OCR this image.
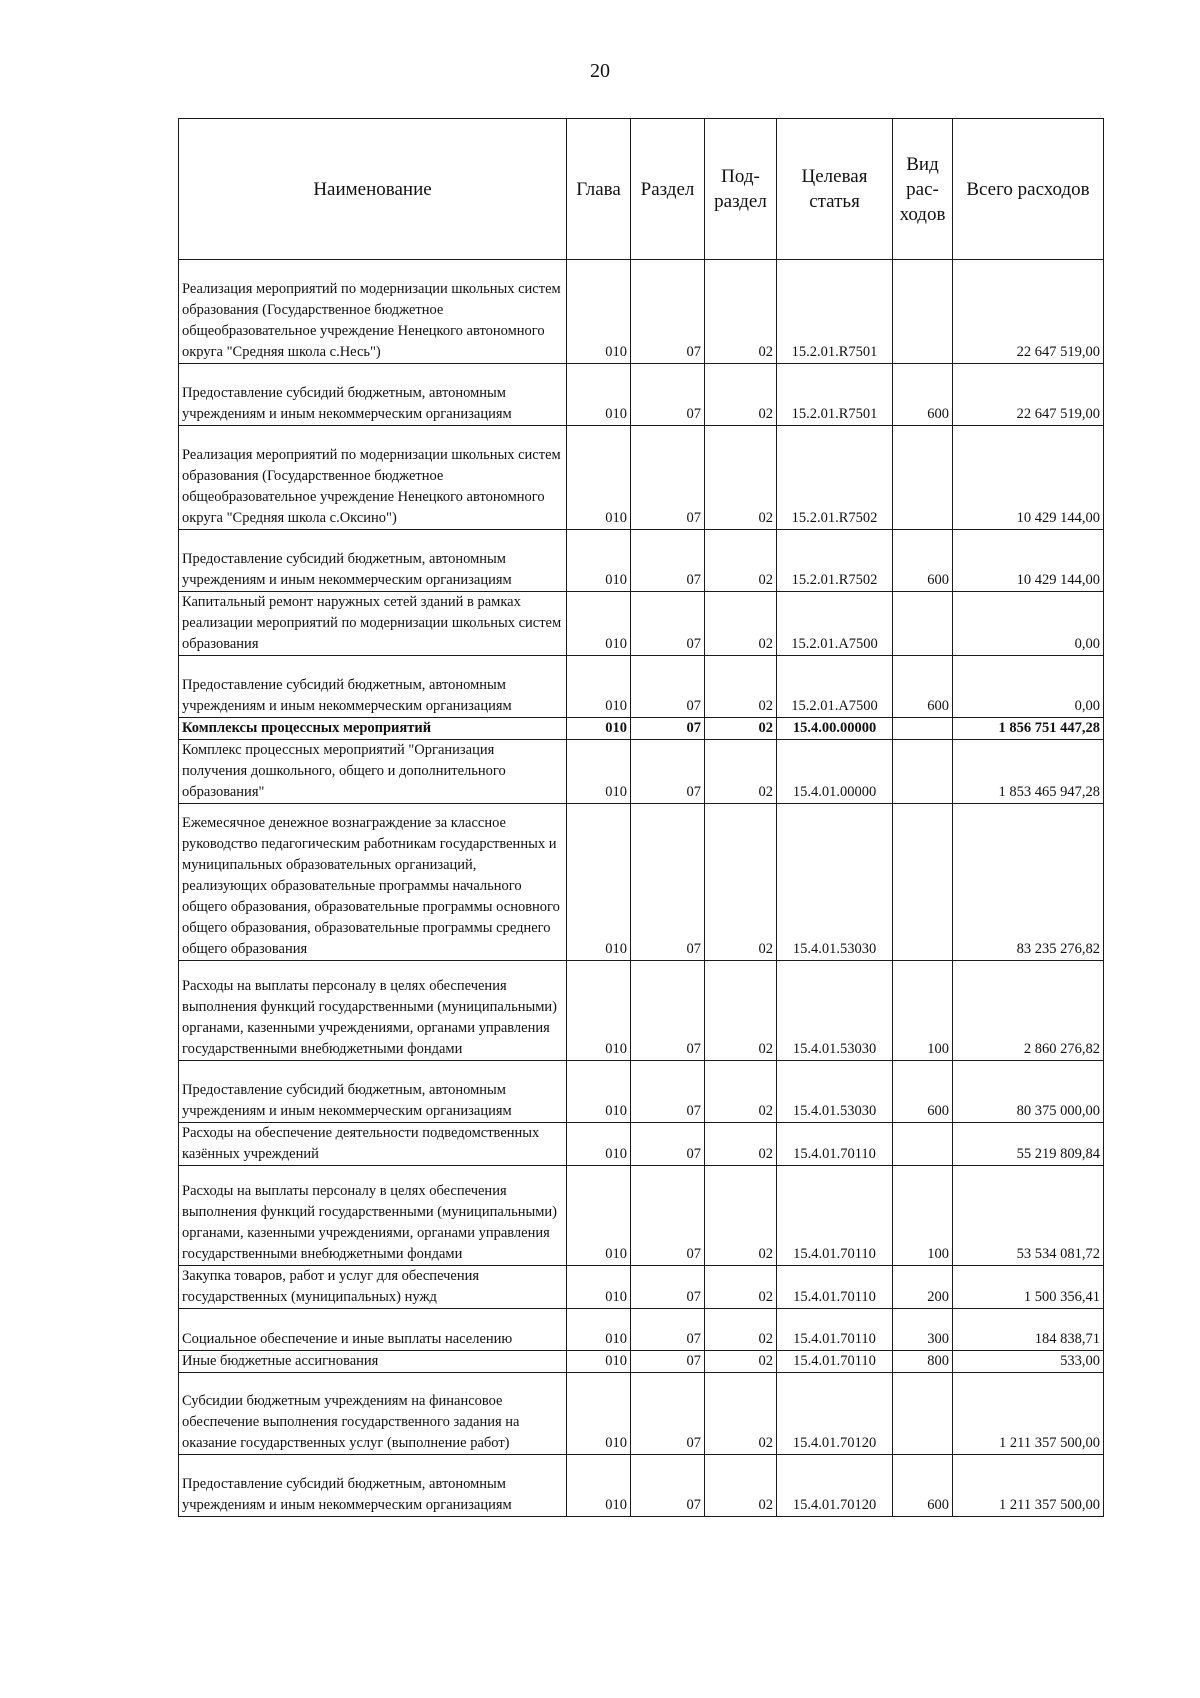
20
Наименование	Глава	Раздел	Под-раздел	Целевая статья	Вид рас-ходов	Всего расходов
Реализация мероприятий по модернизации школьных систем образования (Государственное бюджетное общеобразовательное учреждение Ненецкого автономного округа "Средняя школа с.Несь")	010	07	02	15.2.01.R7501		22 647 519,00
Предоставление субсидий бюджетным, автономным учреждениям и иным некоммерческим организациям	010	07	02	15.2.01.R7501	600	22 647 519,00
Реализация мероприятий по модернизации школьных систем образования (Государственное бюджетное общеобразовательное учреждение Ненецкого автономного округа "Средняя школа с.Оксино")	010	07	02	15.2.01.R7502		10 429 144,00
Предоставление субсидий бюджетным, автономным учреждениям и иным некоммерческим организациям	010	07	02	15.2.01.R7502	600	10 429 144,00
Капитальный ремонт наружных сетей зданий в рамках реализации мероприятий по модернизации школьных систем образования	010	07	02	15.2.01.A7500		0,00
Предоставление субсидий бюджетным, автономным учреждениям и иным некоммерческим организациям	010	07	02	15.2.01.A7500	600	0,00
Комплексы процессных мероприятий	010	07	02	15.4.00.00000		1 856 751 447,28
Комплекс процессных мероприятий "Организация получения дошкольного, общего и дополнительного образования"	010	07	02	15.4.01.00000		1 853 465 947,28
Ежемесячное денежное вознаграждение за классное руководство педагогическим работникам государственных и муниципальных образовательных организаций, реализующих образовательные программы начального общего образования, образовательные программы основного общего образования, образовательные программы среднего общего образования	010	07	02	15.4.01.53030		83 235 276,82
Расходы на выплаты персоналу в целях обеспечения выполнения функций государственными (муниципальными) органами, казенными учреждениями, органами управления государственными внебюджетными фондами	010	07	02	15.4.01.53030	100	2 860 276,82
Предоставление субсидий бюджетным, автономным учреждениям и иным некоммерческим организациям	010	07	02	15.4.01.53030	600	80 375 000,00
Расходы на обеспечение деятельности подведомственных казённых учреждений	010	07	02	15.4.01.70110		55 219 809,84
Расходы на выплаты персоналу в целях обеспечения выполнения функций государственными (муниципальными) органами, казенными учреждениями, органами управления государственными внебюджетными фондами	010	07	02	15.4.01.70110	100	53 534 081,72
Закупка товаров, работ и услуг для обеспечения государственных (муниципальных) нужд	010	07	02	15.4.01.70110	200	1 500 356,41
Социальное обеспечение и иные выплаты населению	010	07	02	15.4.01.70110	300	184 838,71
Иные бюджетные ассигнования	010	07	02	15.4.01.70110	800	533,00
Субсидии бюджетным учреждениям на финансовое обеспечение выполнения государственного задания на оказание государственных услуг (выполнение работ)	010	07	02	15.4.01.70120		1 211 357 500,00
Предоставление субсидий бюджетным, автономным учреждениям и иным некоммерческим организациям	010	07	02	15.4.01.70120	600	1 211 357 500,00
